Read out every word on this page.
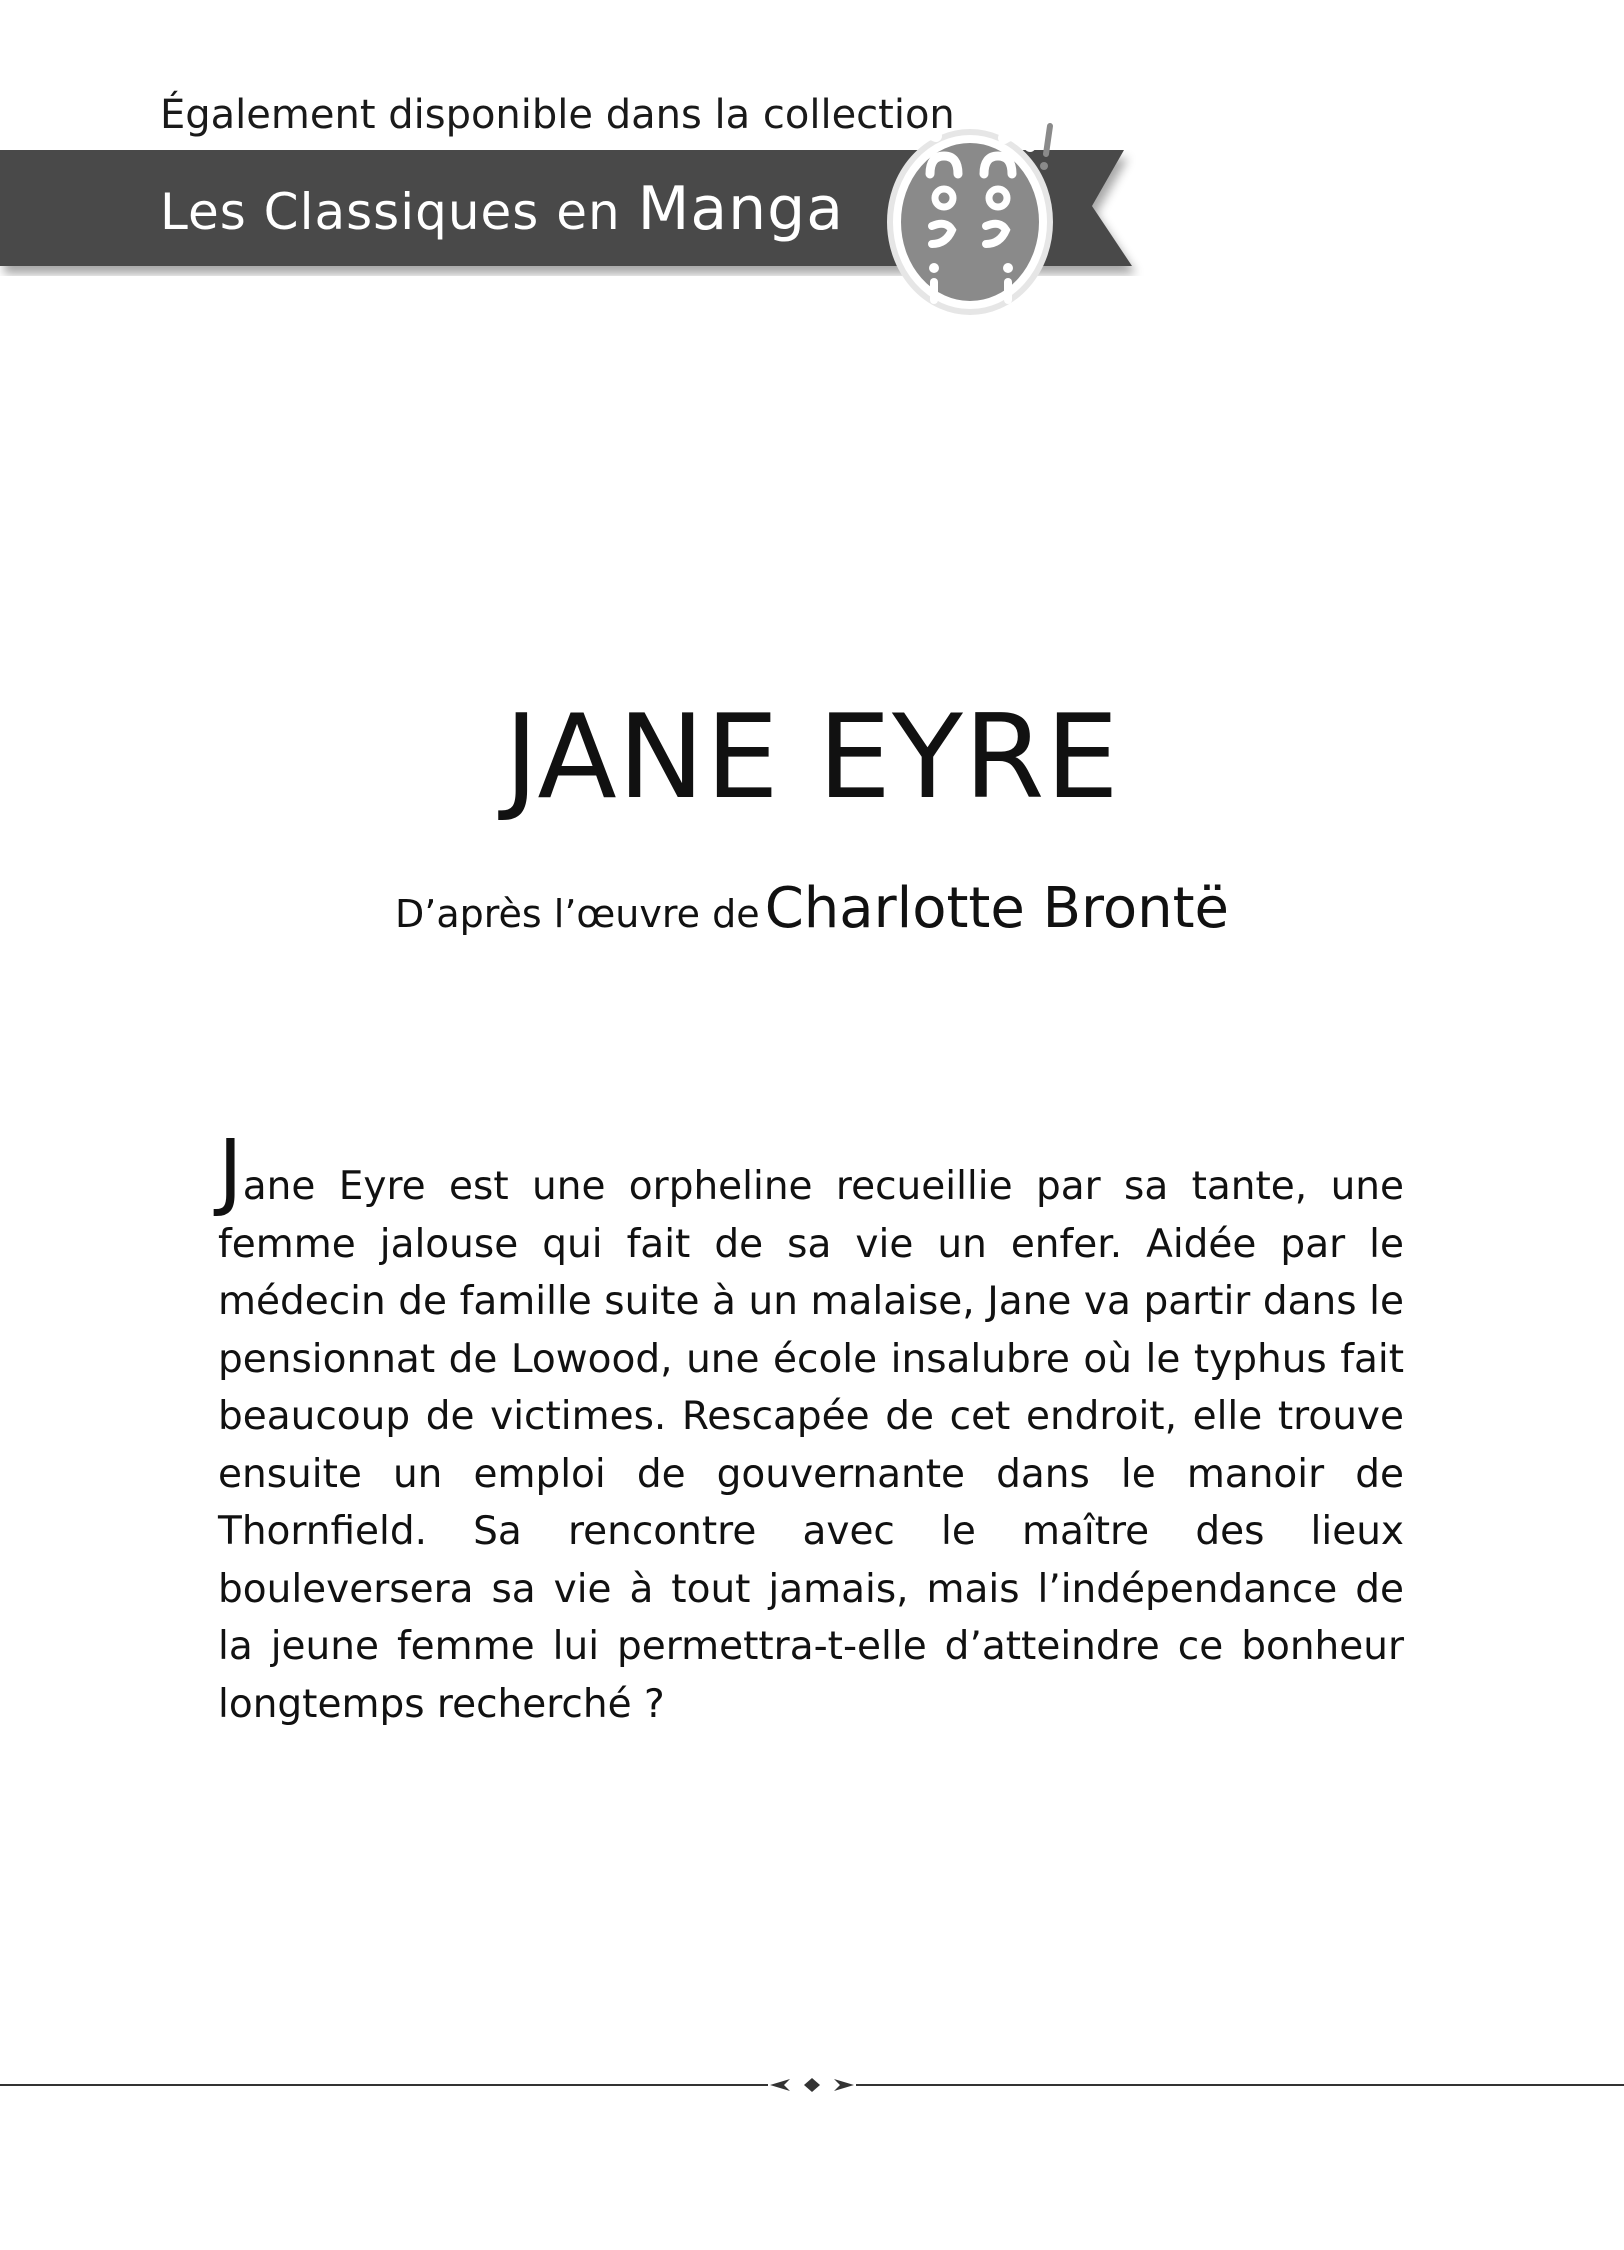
Également disponible dans la collection
Les Classiques en Manga
JANE EYRE
D’après l’œuvre de Charlotte Brontë
Jane Eyre est une orpheline recueillie par sa tante, une femme jalouse qui fait de sa vie un enfer. Aidée par le médecin de famille suite à un malaise, Jane va partir dans le pensionnat de Lowood, une école insalubre où le typhus fait beaucoup de victimes. Rescapée de cet endroit, elle trouve ensuite un emploi de gouvernante dans le manoir de Thornfield. Sa rencontre avec le maître des lieux bouleversera sa vie à tout jamais, mais l’indépendance de la jeune femme lui permettra-t-elle d’atteindre ce bonheur longtemps recherché ?
